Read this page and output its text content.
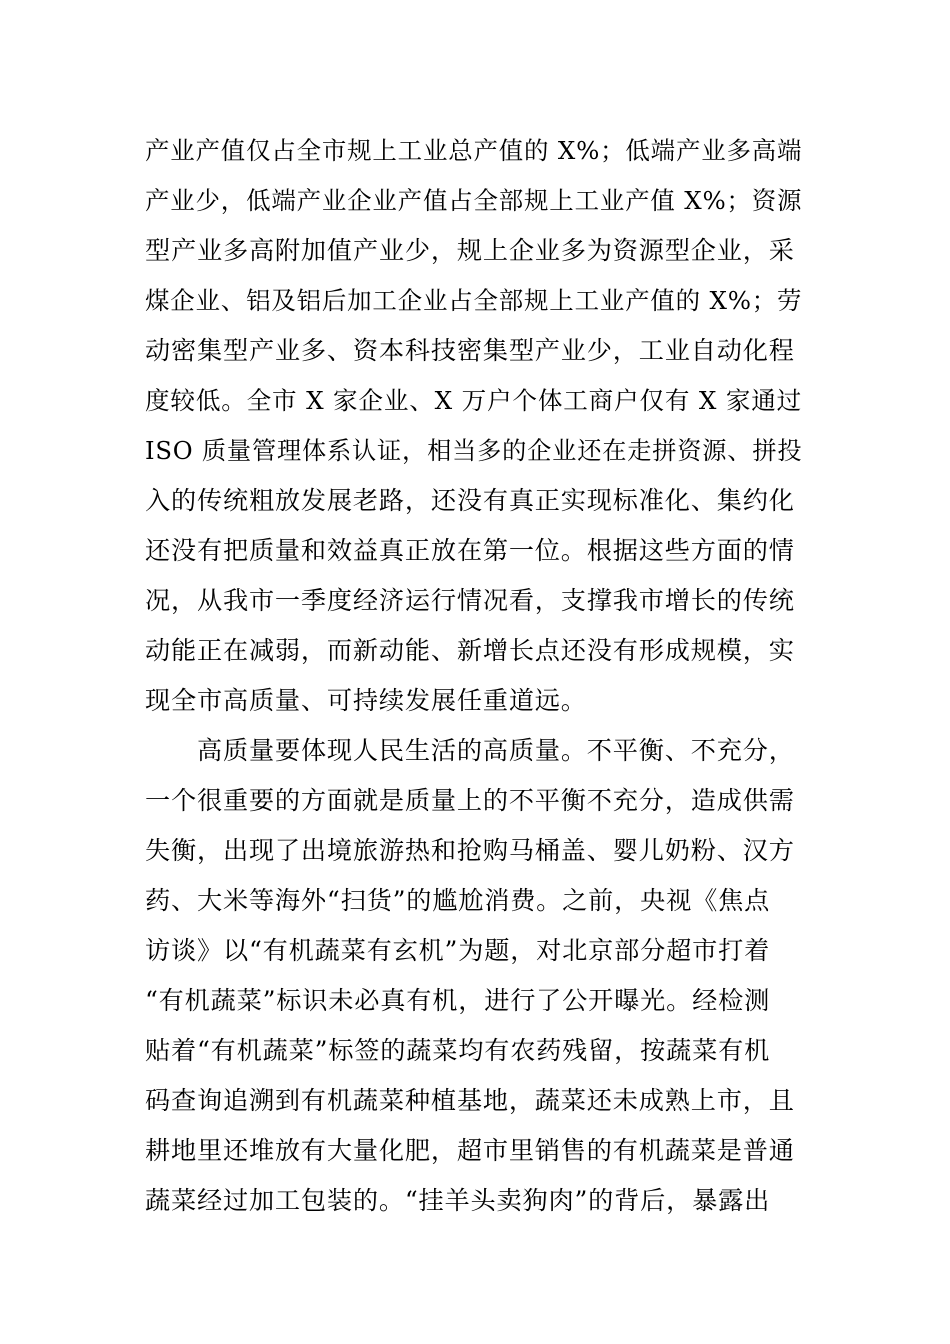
产业产值仅占全市规上工业总产值的 X%；低端产业多高端
产业少，低端产业企业产值占全部规上工业产值 X%；资源
型产业多高附加值产业少，规上企业多为资源型企业，采
煤企业、铝及铝后加工企业占全部规上工业产值的 X%；劳
动密集型产业多、资本科技密集型产业少，工业自动化程
度较低。全市 X 家企业、X 万户个体工商户仅有 X 家通过
ISO 质量管理体系认证，相当多的企业还在走拼资源、拼投
入的传统粗放发展老路，还没有真正实现标准化、集约化
还没有把质量和效益真正放在第一位。根据这些方面的情
况，从我市一季度经济运行情况看，支撑我市增长的传统
动能正在减弱，而新动能、新增长点还没有形成规模，实
现全市高质量、可持续发展任重道远。
高质量要体现人民生活的高质量。不平衡、不充分，
一个很重要的方面就是质量上的不平衡不充分，造成供需
失衡，出现了出境旅游热和抢购马桶盖、婴儿奶粉、汉方
药、大米等海外“扫货”的尴尬消费。之前，央视《焦点
访谈》以“有机蔬菜有玄机”为题，对北京部分超市打着
“有机蔬菜”标识未必真有机，进行了公开曝光。经检测
贴着“有机蔬菜”标签的蔬菜均有农药残留，按蔬菜有机
码查询追溯到有机蔬菜种植基地，蔬菜还未成熟上市，且
耕地里还堆放有大量化肥，超市里销售的有机蔬菜是普通
蔬菜经过加工包装的。“挂羊头卖狗肉”的背后，暴露出
